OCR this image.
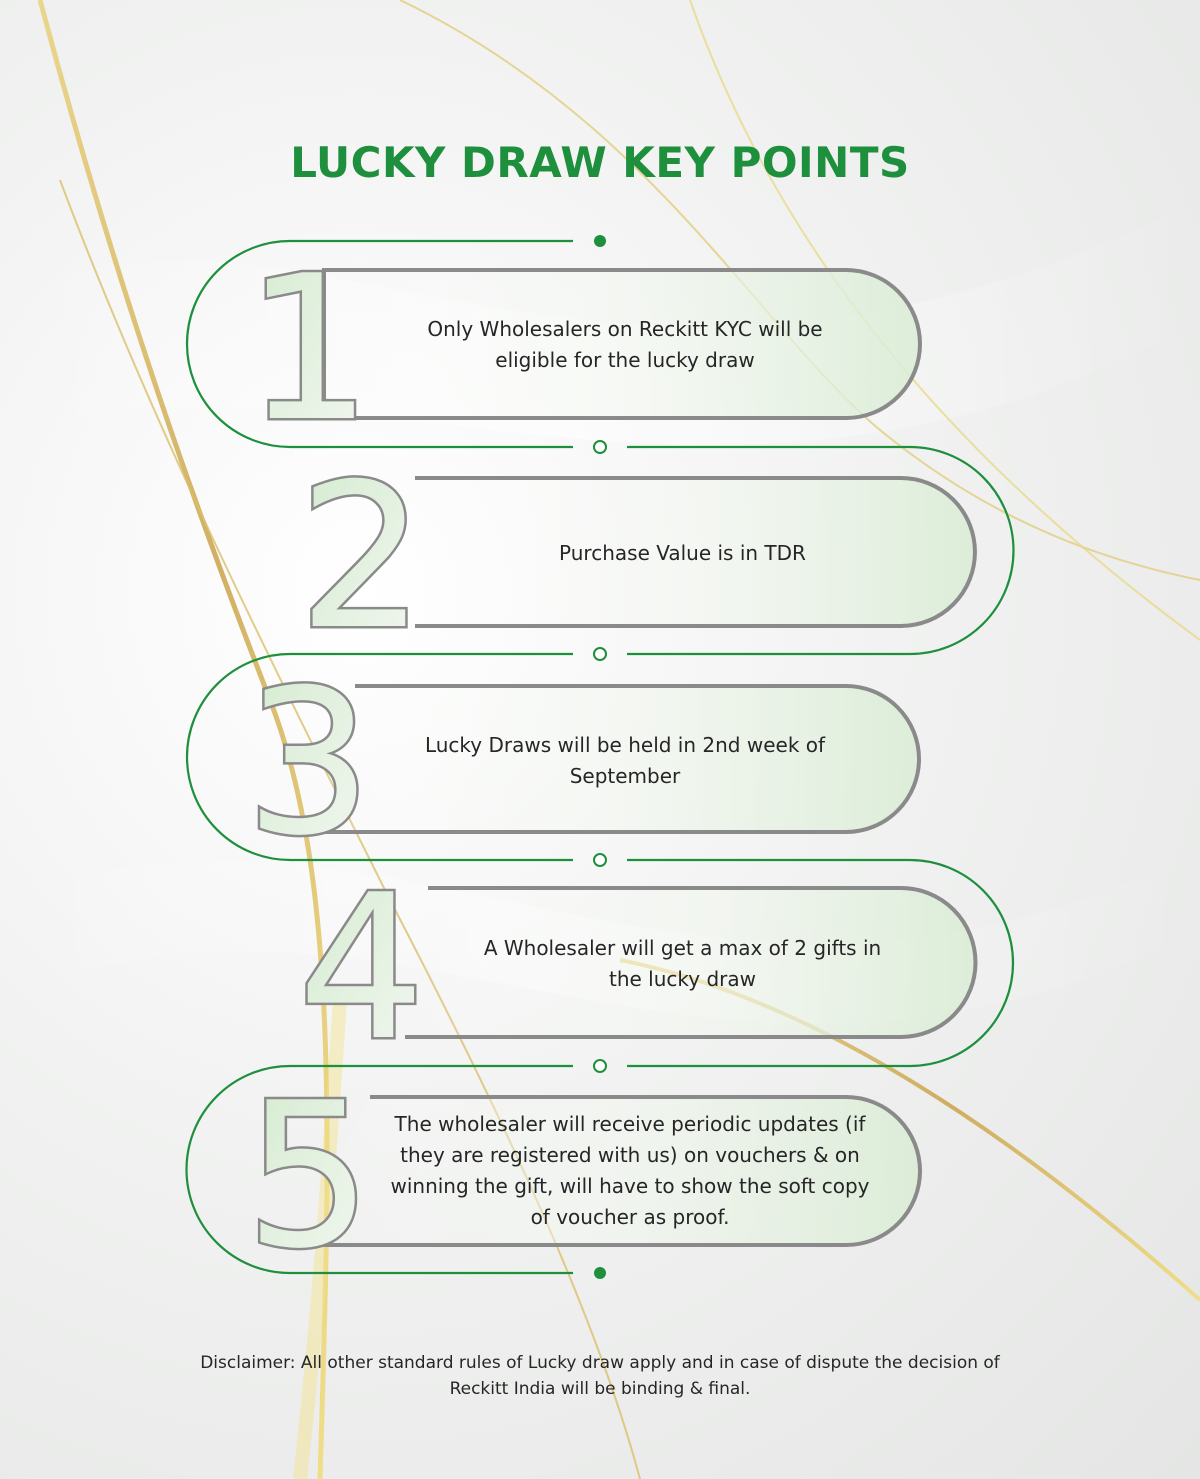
LUCKY DRAW KEY POINTS
1
2
3
4
5
Only Wholesalers on Reckitt KYC will be eligible for the lucky draw
Purchase Value is in TDR
Lucky Draws will be held in 2nd week of September
A Wholesaler will get a max of 2 gifts in the lucky draw
The wholesaler will receive periodic updates (if they are registered with us) on vouchers & on winning the gift, will have to show the soft copy of voucher as proof.
Disclaimer: All other standard rules of Lucky draw apply and in case of dispute the decision of Reckitt India will be binding & final.
